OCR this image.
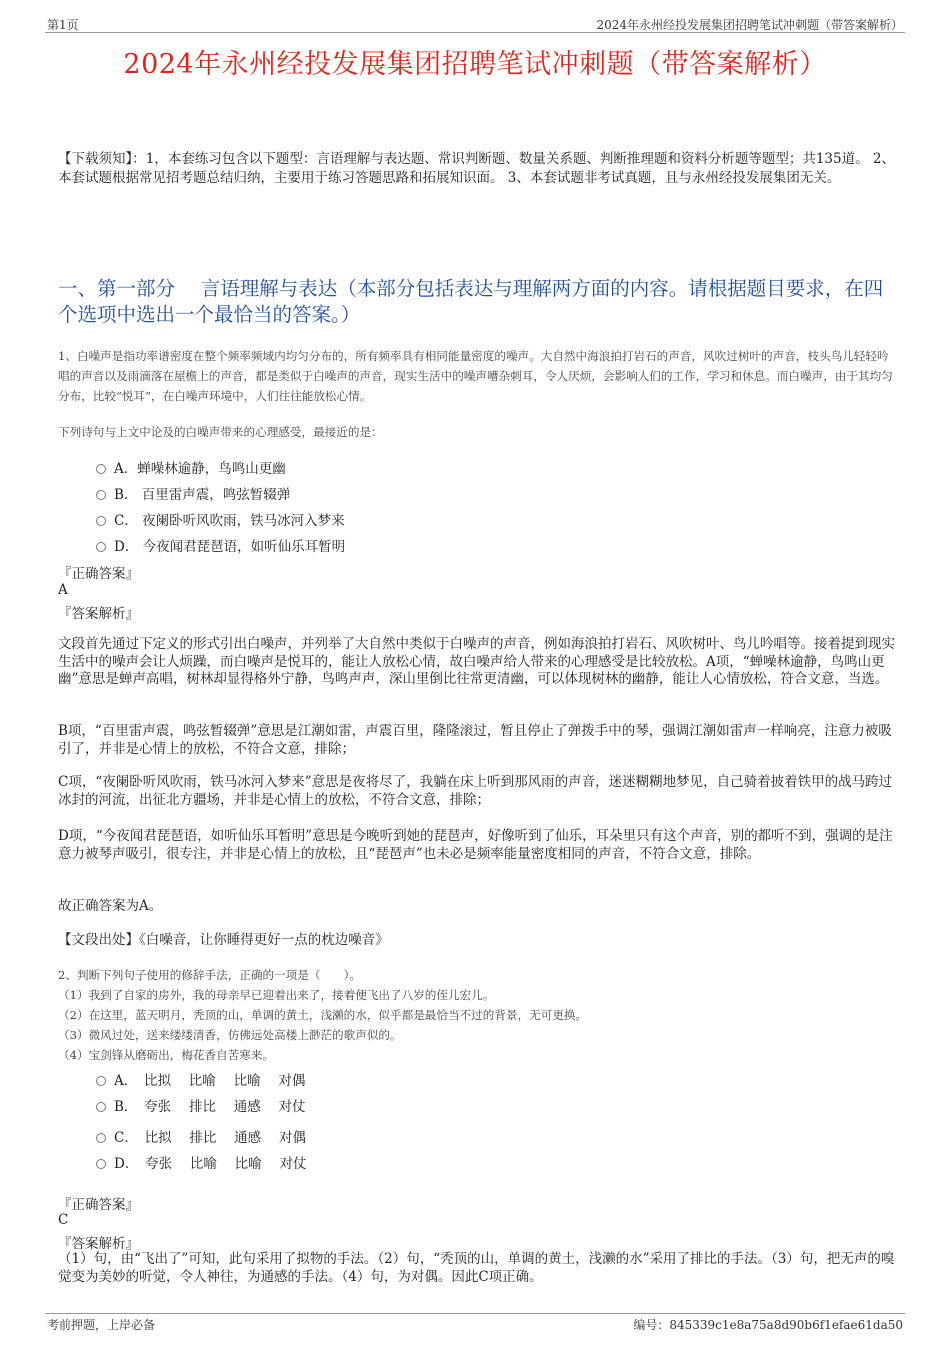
第1页	2024年永州经投发展集团招聘笔试冲刺题（带答案解析）
2024年永州经投发展集团招聘笔试冲刺题（带答案解析）
【下载须知】：1，本套练习包含以下题型：言语理解与表达题、常识判断题、数量关系题、判断推理题和资料分析题等题型；共135道。 2、本套试题根据常见招考题总结归纳，主要用于练习答题思路和拓展知识面。 3、本套试题非考试真题，且与永州经投发展集团无关。
一、第一部分　 言语理解与表达（本部分包括表达与理解两方面的内容。请根据题目要求，在四个选项中选出一个最恰当的答案。）
1、白噪声是指功率谱密度在整个频率频域内均匀分布的，所有频率具有相同能量密度的噪声。大自然中海浪拍打岩石的声音，风吹过树叶的声音，枝头鸟儿轻轻吟唱的声音以及雨滴落在屋檐上的声音，都是类似于白噪声的声音，现实生活中的噪声嘈杂刺耳，令人厌烦，会影响人们的工作，学习和休息。而白噪声，由于其均匀分布，比较“悦耳”，在白噪声环境中，人们往往能放松心情。
下列诗句与上文中论及的白噪声带来的心理感受，最接近的是：
A．蝉噪林逾静，鸟鸣山更幽
B． 百里雷声震，鸣弦暂辍弹
C． 夜阑卧听风吹雨，铁马冰河入梦来
D． 今夜闻君琵琶语，如听仙乐耳暂明
『正确答案』
A
『答案解析』
文段首先通过下定义的形式引出白噪声，并列举了大自然中类似于白噪声的声音，例如海浪拍打岩石、风吹树叶、鸟儿吟唱等。接着提到现实生活中的噪声会让人烦躁，而白噪声是悦耳的，能让人放松心情，故白噪声给人带来的心理感受是比较放松。A项，“蝉噪林逾静，鸟鸣山更幽”意思是蝉声高唱，树林却显得格外宁静，鸟鸣声声，深山里倒比往常更清幽，可以体现树林的幽静，能让人心情放松，符合文意，当选。
B项，“百里雷声震，鸣弦暂辍弹”意思是江潮如雷，声震百里，隆隆滚过，暂且停止了弹拨手中的琴，强调江潮如雷声一样响亮，注意力被吸引了，并非是心情上的放松，不符合文意，排除；
C项，“夜阑卧听风吹雨，铁马冰河入梦来”意思是夜将尽了，我躺在床上听到那风雨的声音，迷迷糊糊地梦见，自己骑着披着铁甲的战马跨过冰封的河流，出征北方疆场，并非是心情上的放松，不符合文意，排除；
D项，“今夜闻君琵琶语，如听仙乐耳暂明”意思是今晚听到她的琵琶声，好像听到了仙乐，耳朵里只有这个声音，别的都听不到，强调的是注意力被琴声吸引，很专注，并非是心情上的放松，且“琵琶声”也未必是频率能量密度相同的声音，不符合文意，排除。
故正确答案为A。
【文段出处】《白噪音，让你睡得更好一点的枕边噪音》
2、判断下列句子使用的修辞手法，正确的一项是（　　）。
（1）我到了自家的房外，我的母亲早已迎着出来了，接着便飞出了八岁的侄儿宏儿。
（2）在这里，蓝天明月，秃顶的山，单调的黄土，浅濑的水，似乎都是最恰当不过的背景，无可更换。
（3）微风过处，送来缕缕清香，仿佛远处高楼上渺茫的歌声似的。
（4）宝剑锋从磨砺出，梅花香自苦寒来。
A．　比拟　 比喻　 比喻　 对偶
B．　夸张　 排比　 通感　 对仗
C．　比拟　 排比　 通感　 对偶
D．　夸张　 比喻　 比喻　 对仗
『正确答案』
C
『答案解析』
（1）句，由“飞出了”可知，此句采用了拟物的手法。（2）句，“秃顶的山，单调的黄土，浅濑的水”采用了排比的手法。（3）句，把无声的嗅觉变为美妙的听觉，令人神往，为通感的手法。（4）句，为对偶。因此C项正确。
考前押题，上岸必备	编号：845339c1e8a75a8d90b6f1efae61da50
